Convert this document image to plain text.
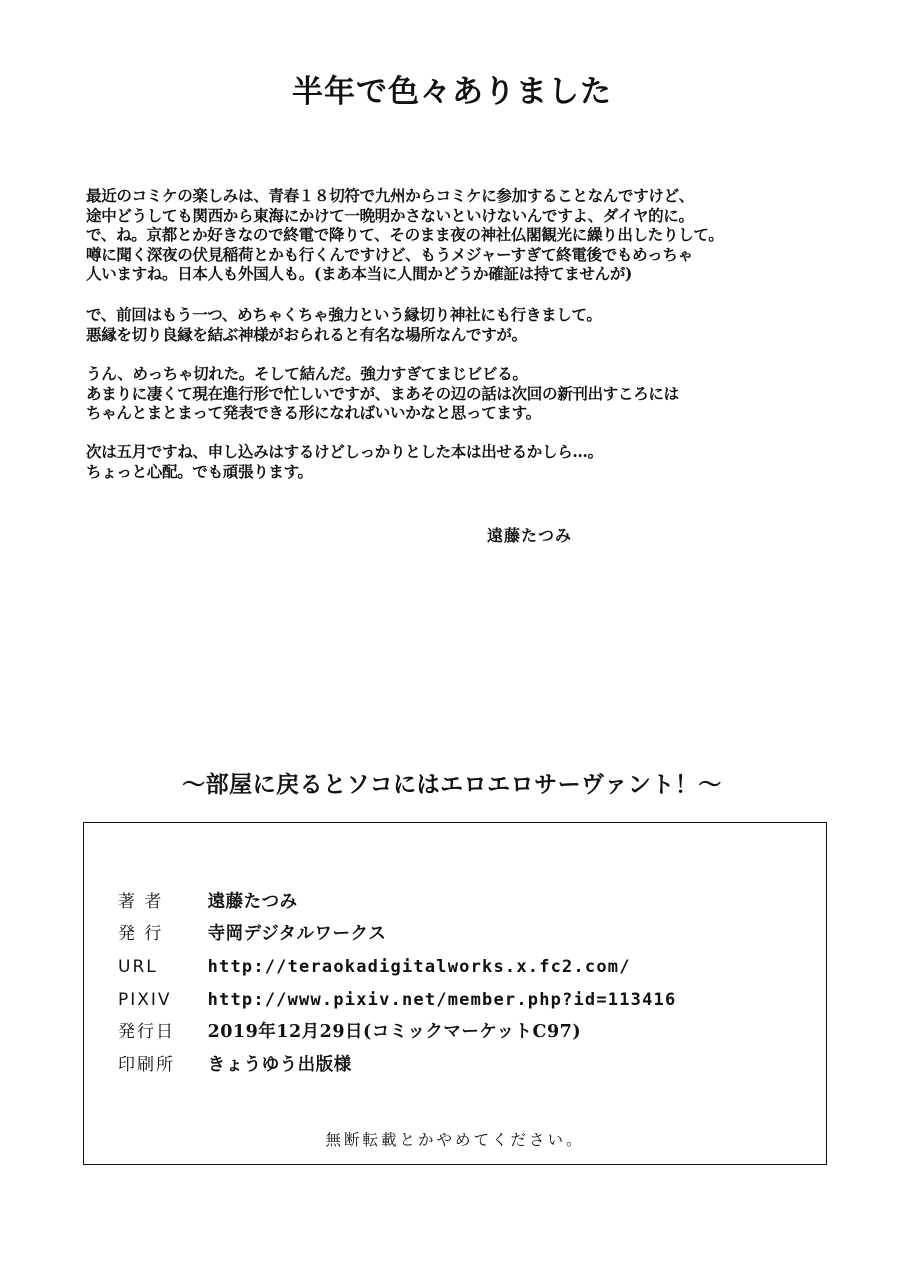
半年で色々ありました
最近のコミケの楽しみは、青春１８切符で九州からコミケに参加することなんですけど、
途中どうしても関西から東海にかけて一晩明かさないといけないんですよ、ダイヤ的に。
で、ね。京都とか好きなので終電で降りて、そのまま夜の神社仏閣観光に繰り出したりして。
噂に聞く深夜の伏見稲荷とかも行くんですけど、もうメジャーすぎて終電後でもめっちゃ
人いますね。日本人も外国人も。(まあ本当に人間かどうか確証は持てませんが)
で、前回はもう一つ、めちゃくちゃ強力という縁切り神社にも行きまして。
悪縁を切り良縁を結ぶ神様がおられると有名な場所なんですが。
うん、めっちゃ切れた。そして結んだ。強力すぎてまじビビる。
あまりに凄くて現在進行形で忙しいですが、まあその辺の話は次回の新刊出すころには
ちゃんとまとまって発表できる形になればいいかなと思ってます。
次は五月ですね、申し込みはするけどしっかりとした本は出せるかしら…。
ちょっと心配。でも頑張ります。
遠藤たつみ
～部屋に戻るとソコにはエロエロサーヴァント！～
著 者	遠藤たつみ
発 行	寺岡デジタルワークス
URL	http://teraokadigitalworks.x.fc2.com/
PIXIV http://www.pixiv.net/member.php?id=113416
発行日 2019年12月29日(コミックマーケットC97)
印刷所 きょうゆう出版様
無断転載とかやめてください。
